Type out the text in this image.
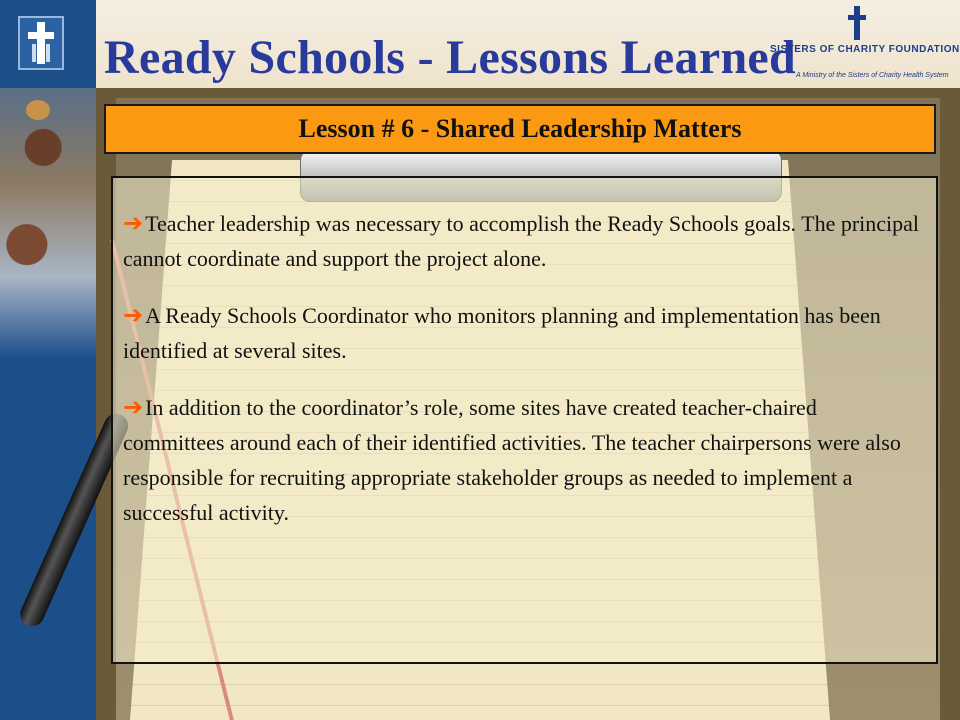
Ready Schools - Lessons Learned
SISTERS OF CHARITY FOUNDATION
A Ministry of the Sisters of Charity Health System
Lesson # 6 - Shared Leadership Matters

➔Teacher leadership was necessary to accomplish the Ready Schools goals. The principal cannot coordinate and support the project alone.

➔A Ready Schools Coordinator who monitors planning and implementation has been identified at several sites.

➔In addition to the coordinator’s role, some sites have created teacher-chaired committees around each of their identified activities. The teacher chairpersons were also responsible for recruiting appropriate stakeholder groups as needed to implement a successful activity.
